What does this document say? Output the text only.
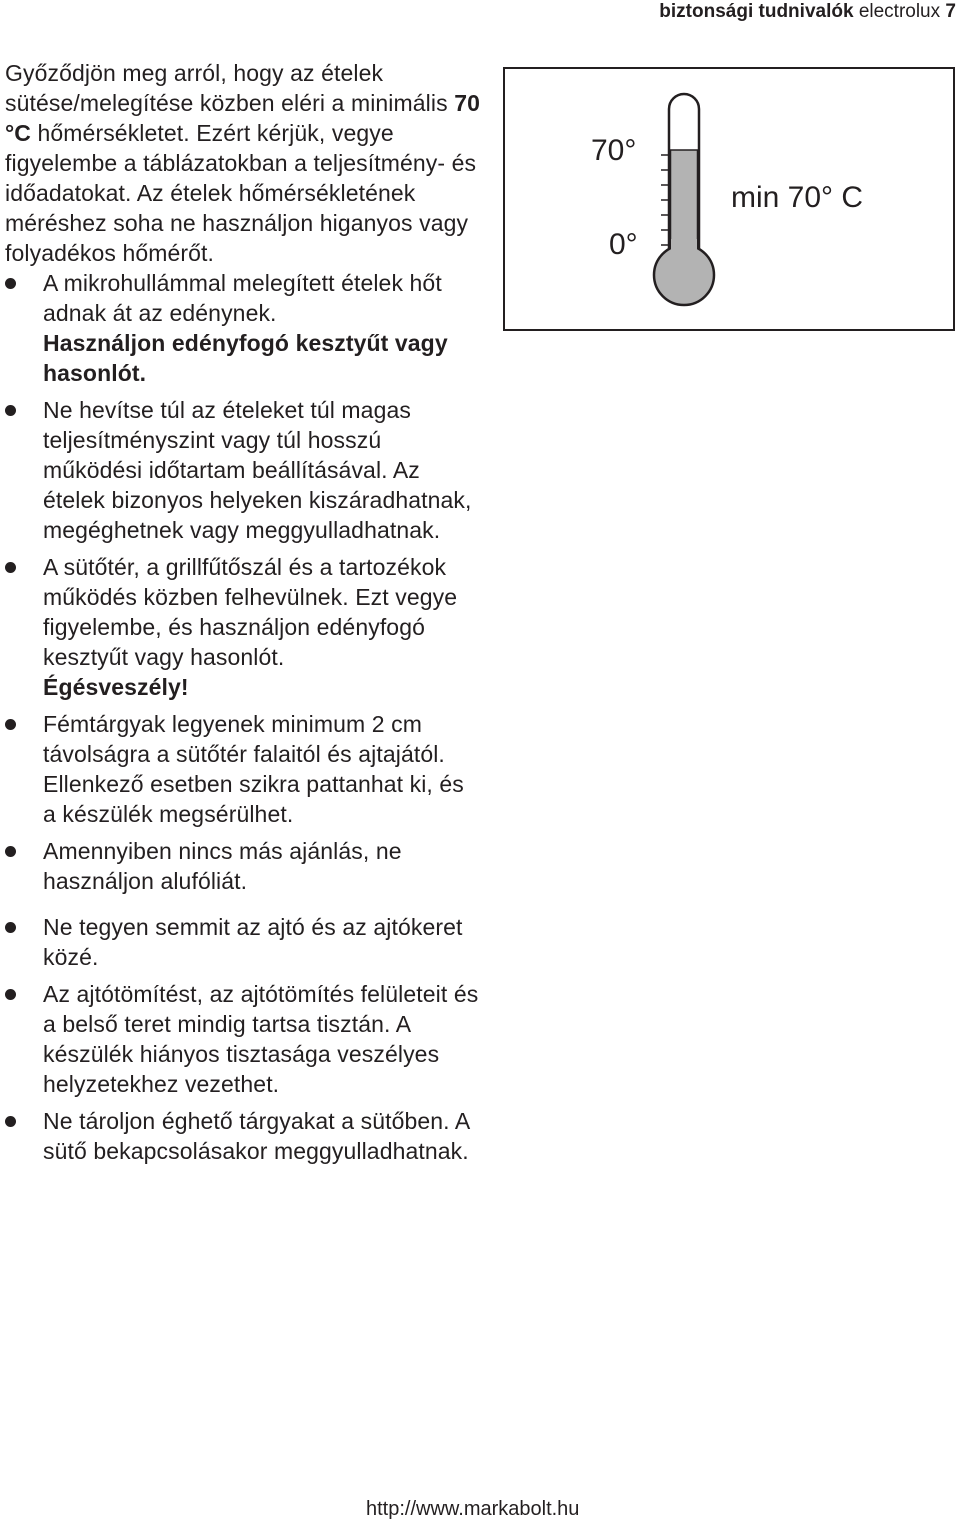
biztonsági tudnivalók electrolux 7

Győződjön meg arról, hogy az ételek sütése/melegítése közben eléri a minimális 70 °C hőmérsékletet. Ezért kérjük, vegye figyelembe a táblázatokban a teljesítmény- és időadatokat. Az ételek hőmérsékletének méréshez soha ne használjon higanyos vagy folyadékos hőmérőt.

A mikrohullámmal melegített ételek hőt adnak át az edénynek.
Használjon edényfogó kesztyűt vagy hasonlót.
Ne hevítse túl az ételeket túl magas teljesítményszint vagy túl hosszú működési időtartam beállításával. Az ételek bizonyos helyeken kiszáradhatnak, megéghetnek vagy meggyulladhatnak.
A sütőtér, a grillfűtőszál és a tartozékok működés közben felhevülnek. Ezt vegye figyelembe, és használjon edényfogó kesztyűt vagy hasonlót.
Égésveszély!
Fémtárgyak legyenek minimum 2 cm távolságra a sütőtér falaitól és ajtajától. Ellenkező esetben szikra pattanhat ki, és a készülék megsérülhet.
Amennyiben nincs más ajánlás, ne használjon alufóliát.
Ne tegyen semmit az ajtó és az ajtókeret közé.
Az ajtótömítést, az ajtótömítés felületeit és a belső teret mindig tartsa tisztán. A készülék hiányos tisztasága veszélyes helyzetekhez vezethet.
Ne tároljon éghető tárgyakat a sütőben. A sütő bekapcsolásakor meggyulladhatnak.
70°
0°
min 70° C
http://www.markabolt.hu
